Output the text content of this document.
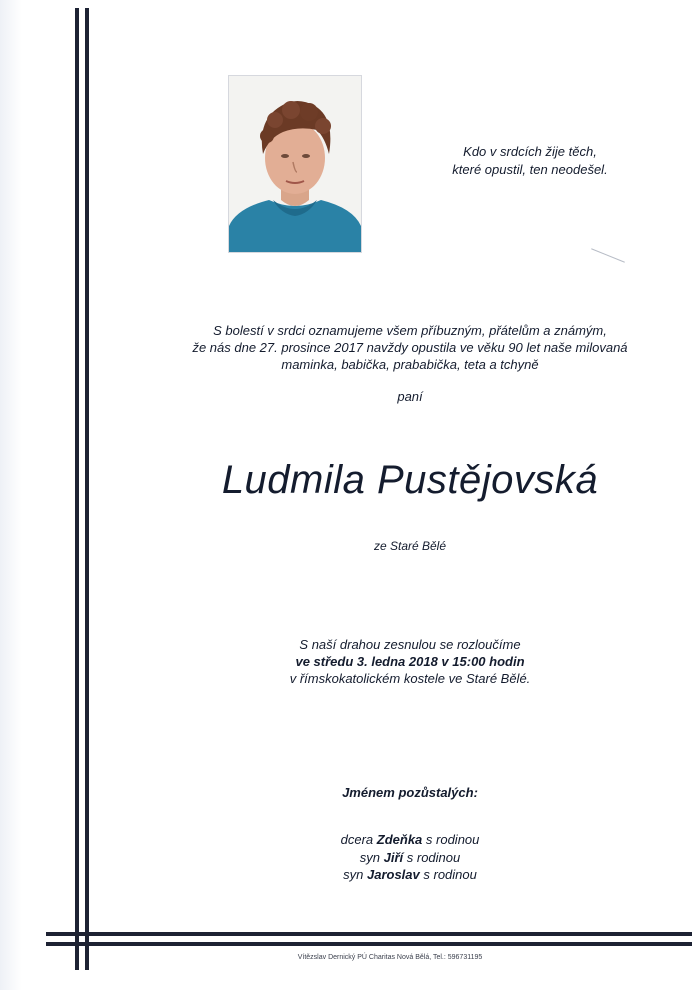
Kdo v srdcích žije těch,
které opustil, ten neodešel.
S bolestí v srdci oznamujeme všem příbuzným, přátelům a známým,
že nás dne 27. prosince 2017 navždy opustila ve věku 90 let naše milovaná
maminka, babička, prababička, teta a tchyně
paní
Ludmila Pustějovská
ze Staré Bělé
S naší drahou zesnulou se rozloučíme
ve středu 3. ledna 2018 v 15:00 hodin
v římskokatolickém kostele ve Staré Bělé.
Jménem pozůstalých:
dcera Zdeňka s rodinou
syn Jiří s rodinou
syn Jaroslav s rodinou
Vítězslav Dernický PÚ Charitas Nová Bělá, Tel.: 596731195
